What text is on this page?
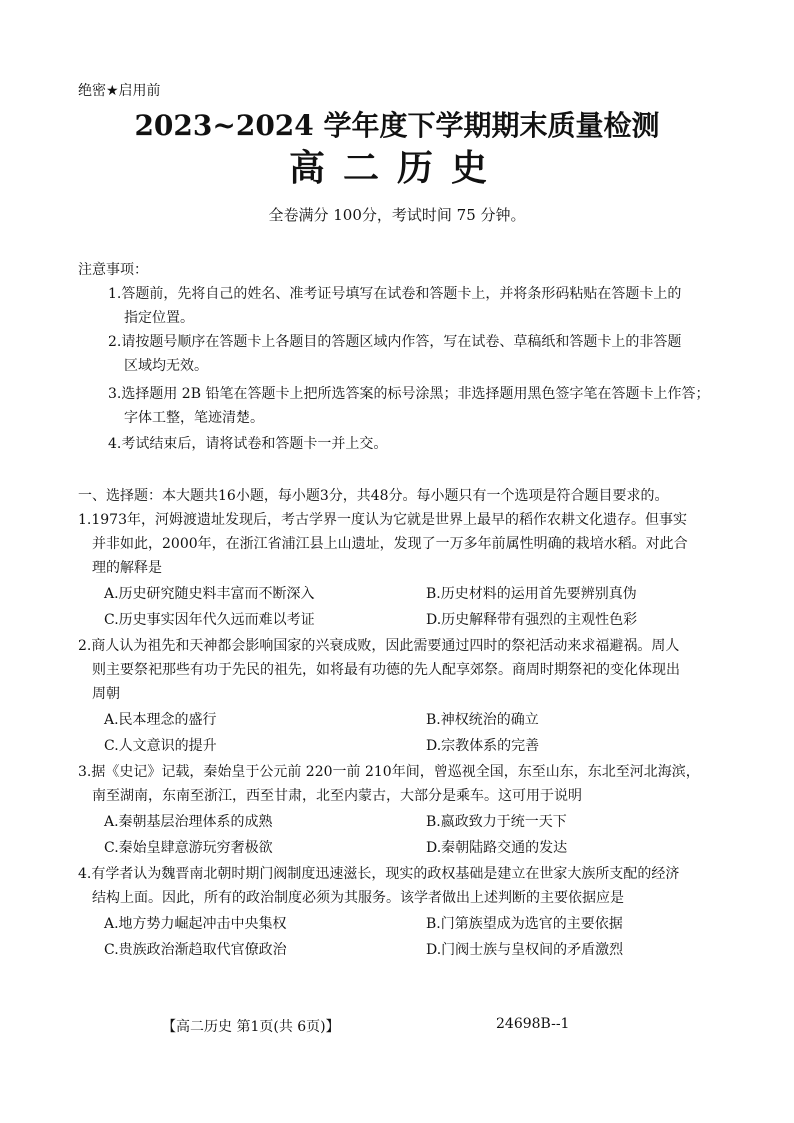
绝密★启用前
2023~2024 学年度下学期期末质量检测
高二历史
全卷满分 100分，考试时间 75 分钟。
注意事项：
1.答题前，先将自己的姓名、准考证号填写在试卷和答题卡上，并将条形码粘贴在答题卡上的
指定位置。
2.请按题号顺序在答题卡上各题目的答题区域内作答，写在试卷、草稿纸和答题卡上的非答题
区域均无效。
3.选择题用 2B 铅笔在答题卡上把所选答案的标号涂黑；非选择题用黑色签字笔在答题卡上作答；
字体工整，笔迹清楚。
4.考试结束后，请将试卷和答题卡一并上交。
一、选择题：本大题共16小题，每小题3分，共48分。每小题只有一个选项是符合题目要求的。
1.1973年，河姆渡遗址发现后，考古学界一度认为它就是世界上最早的稻作农耕文化遗存。但事实
并非如此，2000年，在浙江省浦江县上山遗址，发现了一万多年前属性明确的栽培水稻。对此合
理的解释是
A.历史研究随史料丰富而不断深入	B.历史材料的运用首先要辨别真伪
C.历史事实因年代久远而难以考证	D.历史解释带有强烈的主观性色彩
2.商人认为祖先和天神都会影响国家的兴衰成败，因此需要通过四时的祭祀活动来求福避祸。周人
则主要祭祀那些有功于先民的祖先，如将最有功德的先人配享郊祭。商周时期祭祀的变化体现出
周朝
A.民本理念的盛行	B.神权统治的确立
C.人文意识的提升	D.宗教体系的完善
3.据《史记》记载，秦始皇于公元前 220一前 210年间，曾巡视全国，东至山东，东北至河北海滨，
南至湖南，东南至浙江，西至甘肃，北至内蒙古，大部分是乘车。这可用于说明
A.秦朝基层治理体系的成熟	B.嬴政致力于统一天下
C.秦始皇肆意游玩穷奢极欲	D.秦朝陆路交通的发达
4.有学者认为魏晋南北朝时期门阀制度迅速滋长，现实的政权基础是建立在世家大族所支配的经济
结构上面。因此，所有的政治制度必须为其服务。该学者做出上述判断的主要依据应是
A.地方势力崛起冲击中央集权	B.门第族望成为选官的主要依据
C.贵族政治渐趋取代官僚政治	D.门阀士族与皇权间的矛盾激烈
【高二历史 第1页(共 6页)】	24698B--1
